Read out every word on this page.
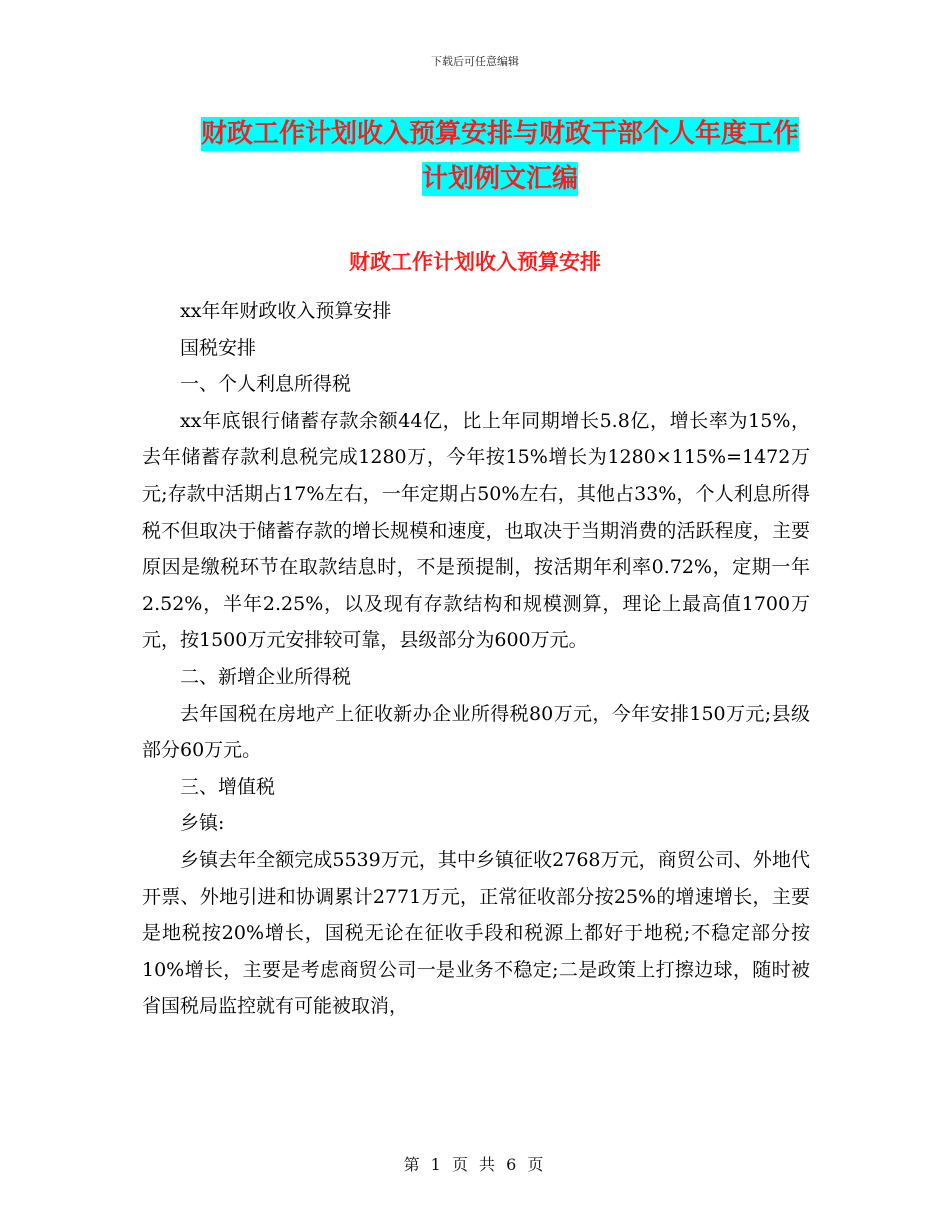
下载后可任意编辑
财政工作计划收入预算安排与财政干部个人年度工作
计划例文汇编
财政工作计划收入预算安排

xx年年财政收入预算安排

国税安排

一、个人利息所得税

xx年底银行储蓄存款余额44亿，比上年同期增长5.8亿，增长率为15%，去年储蓄存款利息税完成1280万，今年按15%增长为1280×115%=1472万元;存款中活期占17%左右，一年定期占50%左右，其他占33%，个人利息所得税不但取决于储蓄存款的增长规模和速度，也取决于当期消费的活跃程度，主要原因是缴税环节在取款结息时，不是预提制，按活期年利率0.72%，定期一年2.52%，半年2.25%，以及现有存款结构和规模测算，理论上最高值1700万元，按1500万元安排较可靠，县级部分为600万元。

二、新增企业所得税

去年国税在房地产上征收新办企业所得税80万元，今年安排150万元;县级部分60万元。

三、增值税

乡镇:

乡镇去年全额完成5539万元，其中乡镇征收2768万元，商贸公司、外地代开票、外地引进和协调累计2771万元，正常征收部分按25%的增速增长，主要是地税按20%增长，国税无论在征收手段和税源上都好于地税;不稳定部分按10%增长，主要是考虑商贸公司一是业务不稳定;二是政策上打擦边球，随时被省国税局监控就有可能被取消，

第 1 页 共 6 页
